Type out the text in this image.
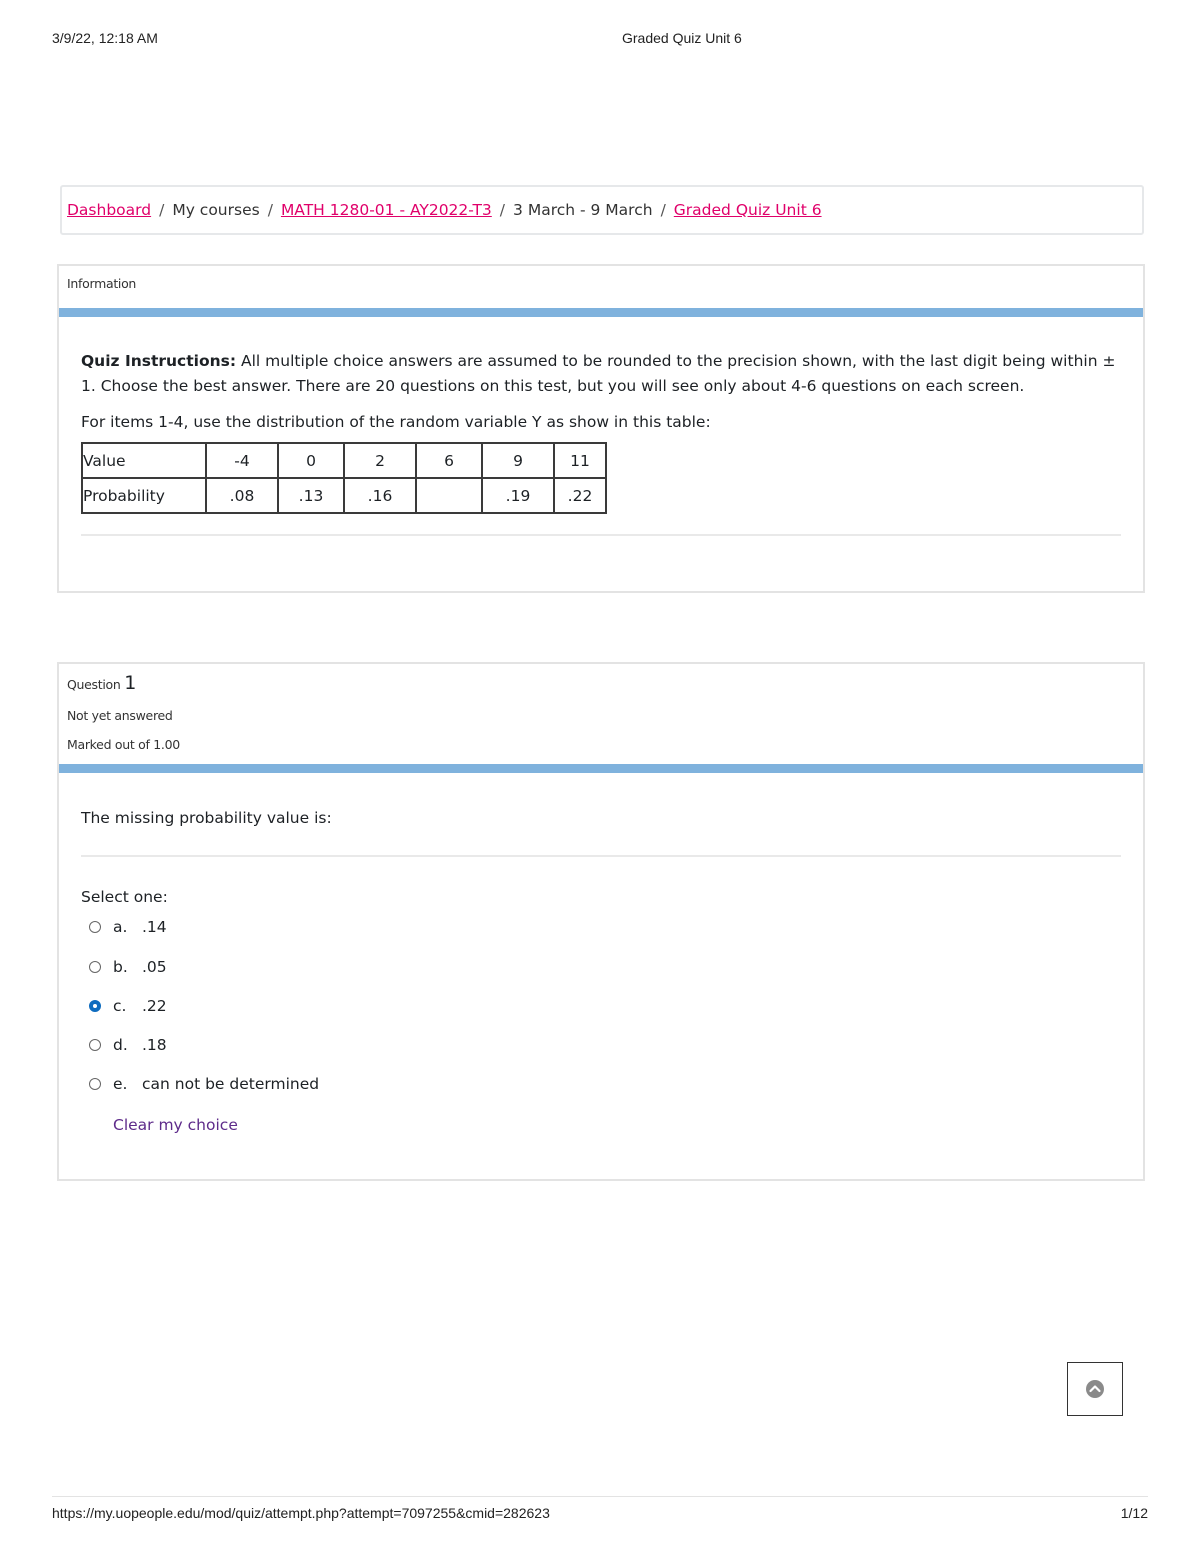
3/9/22, 12:18 AM	Graded Quiz Unit 6
Dashboard / My courses / MATH 1280-01 - AY2022-T3 / 3 March - 9 March / Graded Quiz Unit 6
Information
Quiz Instructions: All multiple choice answers are assumed to be rounded to the precision shown, with the last digit being within ± 1. Choose the best answer. There are 20 questions on this test, but you will see only about 4-6 questions on each screen.
For items 1-4, use the distribution of the random variable Y as show in this table:
Value	-4	0	2	6	9	11
Probability	.08	.13	.16		.19	.22
Question 1
Not yet answered
Marked out of 1.00
The missing probability value is:
Select one:
a. .14
b. .05
c.	.22
d. .18
e. can not be determined
Clear my choice
https://my.uopeople.edu/mod/quiz/attempt.php?attempt=7097255&cmid=282623	1/12
